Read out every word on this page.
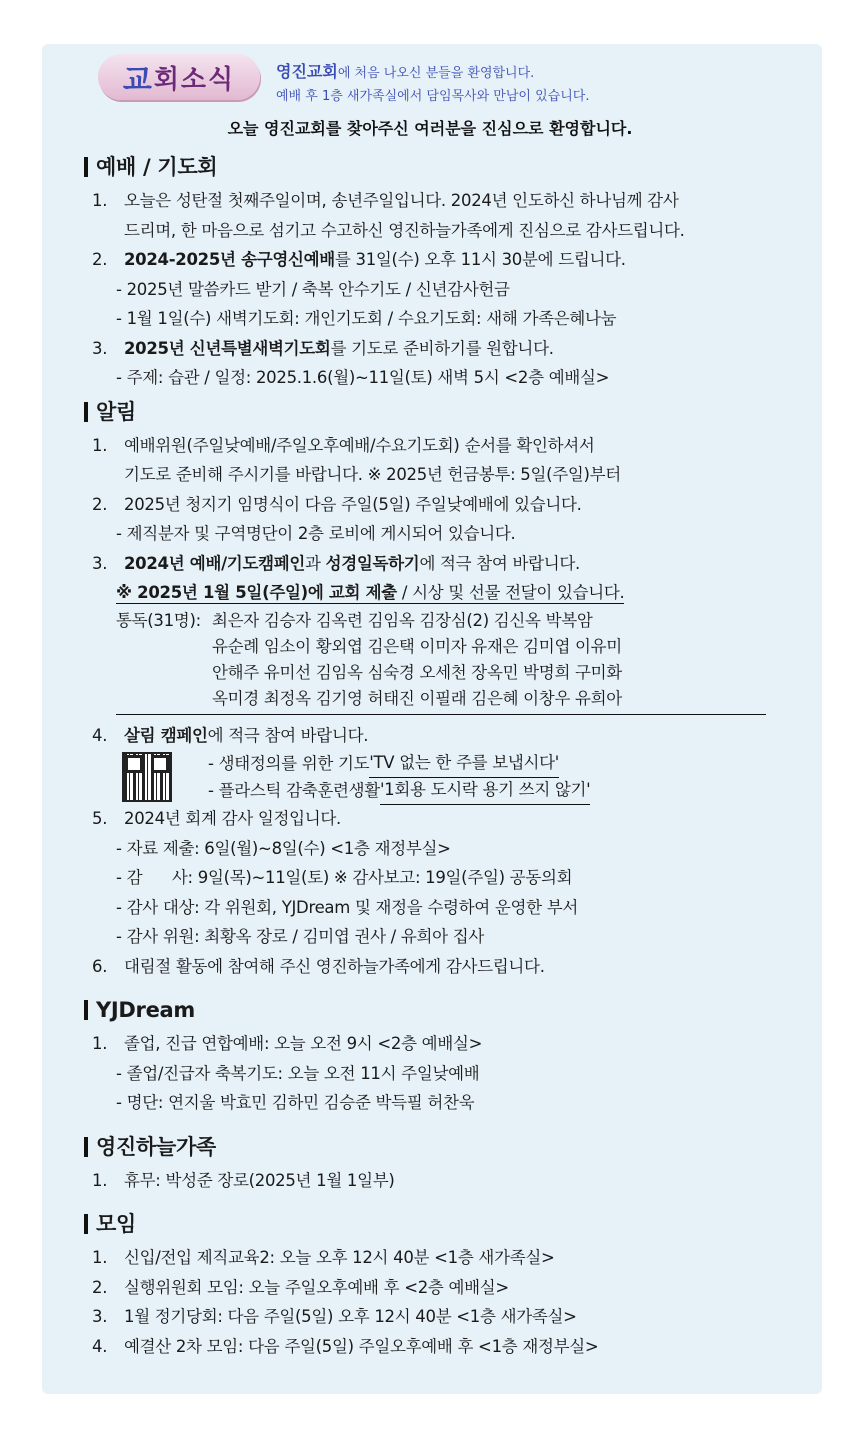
교 회소식	영진교회에 처음 나오신 분들을 환영합니다.
예배 후 1층 새가족실에서 담임목사와 만남이 있습니다.
오늘 영진교회를 찾아주신 여러분을 진심으로 환영합니다.
예배 / 기도회
1. 오늘은 성탄절 첫째주일이며, 송년주일입니다. 2024년 인도하신 하나님께 감사
드리며, 한 마음으로 섬기고 수고하신 영진하늘가족에게 진심으로 감사드립니다.
2. 2024-2025년 송구영신예배를 31일(수) 오후 11시 30분에 드립니다.
- 2025년 말씀카드 받기 / 축복 안수기도 / 신년감사헌금
- 1월 1일(수) 새벽기도회: 개인기도회 / 수요기도회: 새해 가족은혜나눔
3. 2025년 신년특별새벽기도회를 기도로 준비하기를 원합니다.
- 주제: 습관 / 일정: 2025.1.6(월)~11일(토) 새벽 5시 <2층 예배실>
알림
1. 예배위원(주일낮예배/주일오후예배/수요기도회) 순서를 확인하셔서
기도로 준비해 주시기를 바랍니다. ※ 2025년 헌금봉투: 5일(주일)부터
2. 2025년 청지기 임명식이 다음 주일(5일) 주일낮예배에 있습니다.
- 제직분자 및 구역명단이 2층 로비에 게시되어 있습니다.
3. 2024년 예배/기도캠페인과 성경일독하기에 적극 참여 바랍니다.
※ 2025년 1월 5일(주일)에 교회 제출 / 시상 및 선물 전달이 있습니다.
통독(31명): 최은자 김승자 김옥련 김임옥 김장심(2) 김신옥 박복암
유순례 임소이 황외엽 김은택 이미자 유재은 김미엽 이유미
안해주 유미선 김임옥 심숙경 오세천 장옥민 박명희 구미화
옥미경 최정옥 김기영 허태진 이필래 김은혜 이창우 유희아
4. 살림 캠페인에 적극 참여 바랍니다.
- 생태정의를 위한 기도 'TV 없는 한 주를 보냅시다'
- 플라스틱 감축훈련생활 '1회용 도시락 용기 쓰지 않기'
5. 2024년 회계 감사 일정입니다.
- 자료 제출: 6일(월)~8일(수) <1층 재정부실>
- 감      사: 9일(목)~11일(토) ※ 감사보고: 19일(주일) 공동의회
- 감사 대상: 각 위원회, YJDream 및 재정을 수령하여 운영한 부서
- 감사 위원: 최황옥 장로 / 김미엽 권사 / 유희아 집사
6. 대림절 활동에 참여해 주신 영진하늘가족에게 감사드립니다.
YJDream
1. 졸업, 진급 연합예배: 오늘 오전 9시 <2층 예배실>
- 졸업/진급자 축복기도: 오늘 오전 11시 주일낮예배
- 명단: 연지울 박효민 김하민 김승준 박득필 허찬욱
영진하늘가족
1. 휴무: 박성준 장로(2025년 1월 1일부)
모임
1. 신입/전입 제직교육2: 오늘 오후 12시 40분 <1층 새가족실>
2. 실행위원회 모임: 오늘 주일오후예배 후 <2층 예배실>
3. 1월 정기당회: 다음 주일(5일) 오후 12시 40분 <1층 새가족실>
4. 예결산 2차 모임: 다음 주일(5일) 주일오후예배 후 <1층 재정부실>
